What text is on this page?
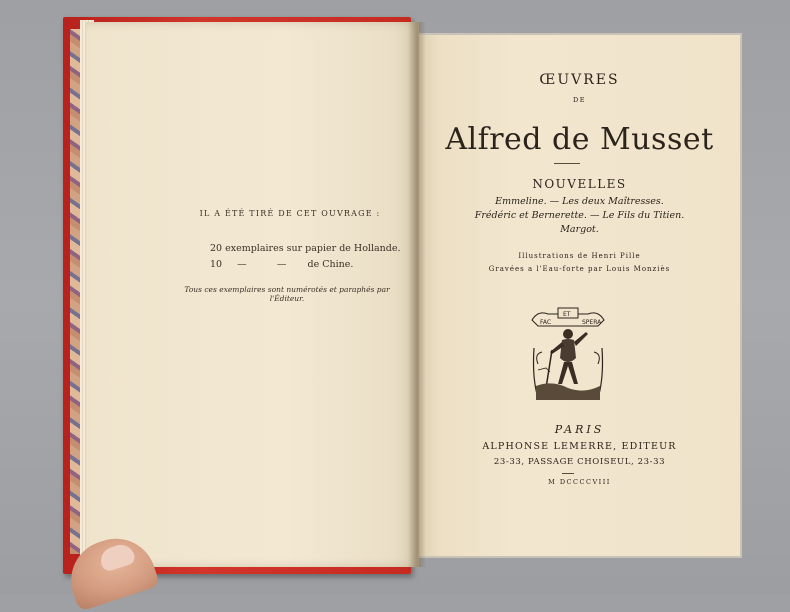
IL A ÉTÉ TIRÉ DE CET OUVRAGE :
20 exemplaires sur papier de Hollande.
10     —          —       de Chine.
Tous ces exemplaires sont numérotés et paraphés par l'Éditeur.
ŒUVRES
DE
Alfred de Musset
NOUVELLES
Emmeline. — Les deux Maîtresses.
Frédéric et Bernerette. — Le Fils du Titien.
Margot.
Illustrations de Henri Pille
Gravées a l'Eau-forte par Louis Monziès
FAC
ET
SPERA
PARIS
ALPHONSE LEMERRE, EDITEUR
23-33, PASSAGE CHOISEUL, 23-33
M DCCCCVIII
